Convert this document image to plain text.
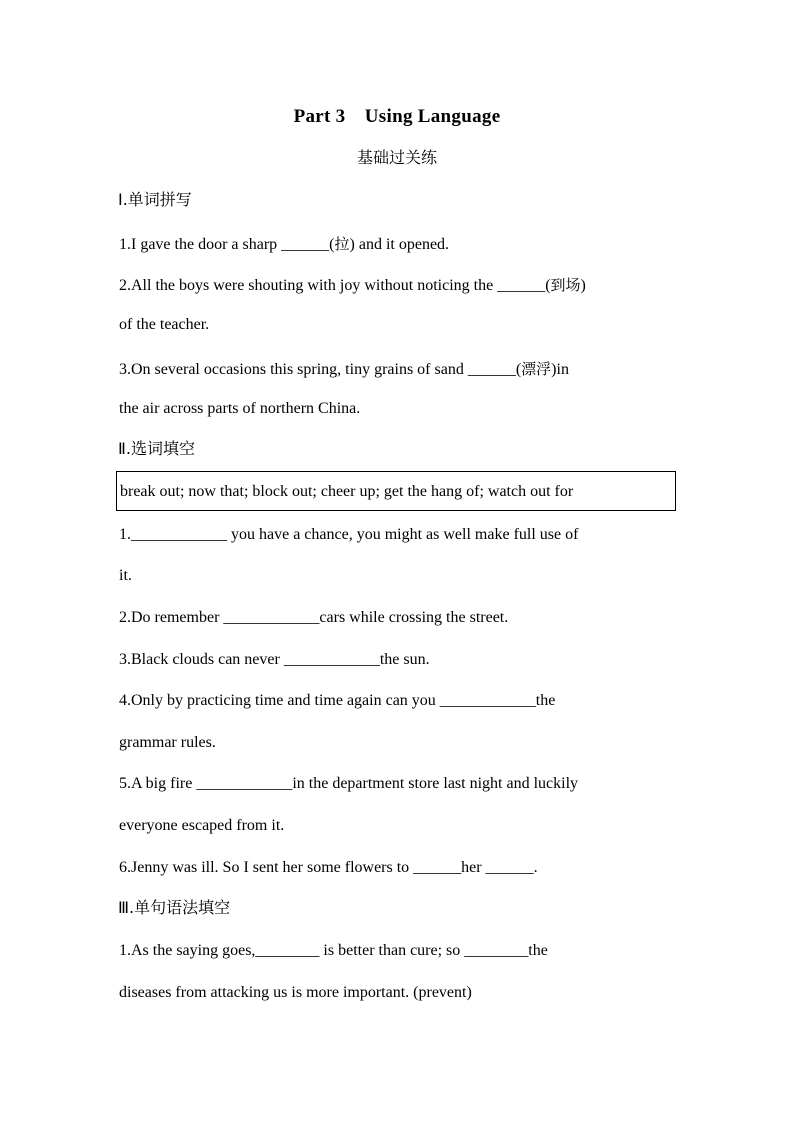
Part 3　Using Language
基础过关练
Ⅰ.单词拼写
1.I gave the door a sharp ______(拉) and it opened.
2.All the boys were shouting with joy without noticing the ______(到场)
of the teacher.
3.On several occasions this spring, tiny grains of sand ______(漂浮)in
the air across parts of northern China.
Ⅱ.选词填空
break out; now that; block out; cheer up; get the hang of; watch out for
1.____________ you have a chance, you might as well make full use of
it.
2.Do remember ____________cars while crossing the street.
3.Black clouds can never ____________the sun.
4.Only by practicing time and time again can you ____________the
grammar rules.
5.A big fire ____________in the department store last night and luckily
everyone escaped from it.
6.Jenny was ill. So I sent her some flowers to ______her ______.
Ⅲ.单句语法填空
1.As the saying goes,________ is better than cure; so ________the
diseases from attacking us is more important. (prevent)
